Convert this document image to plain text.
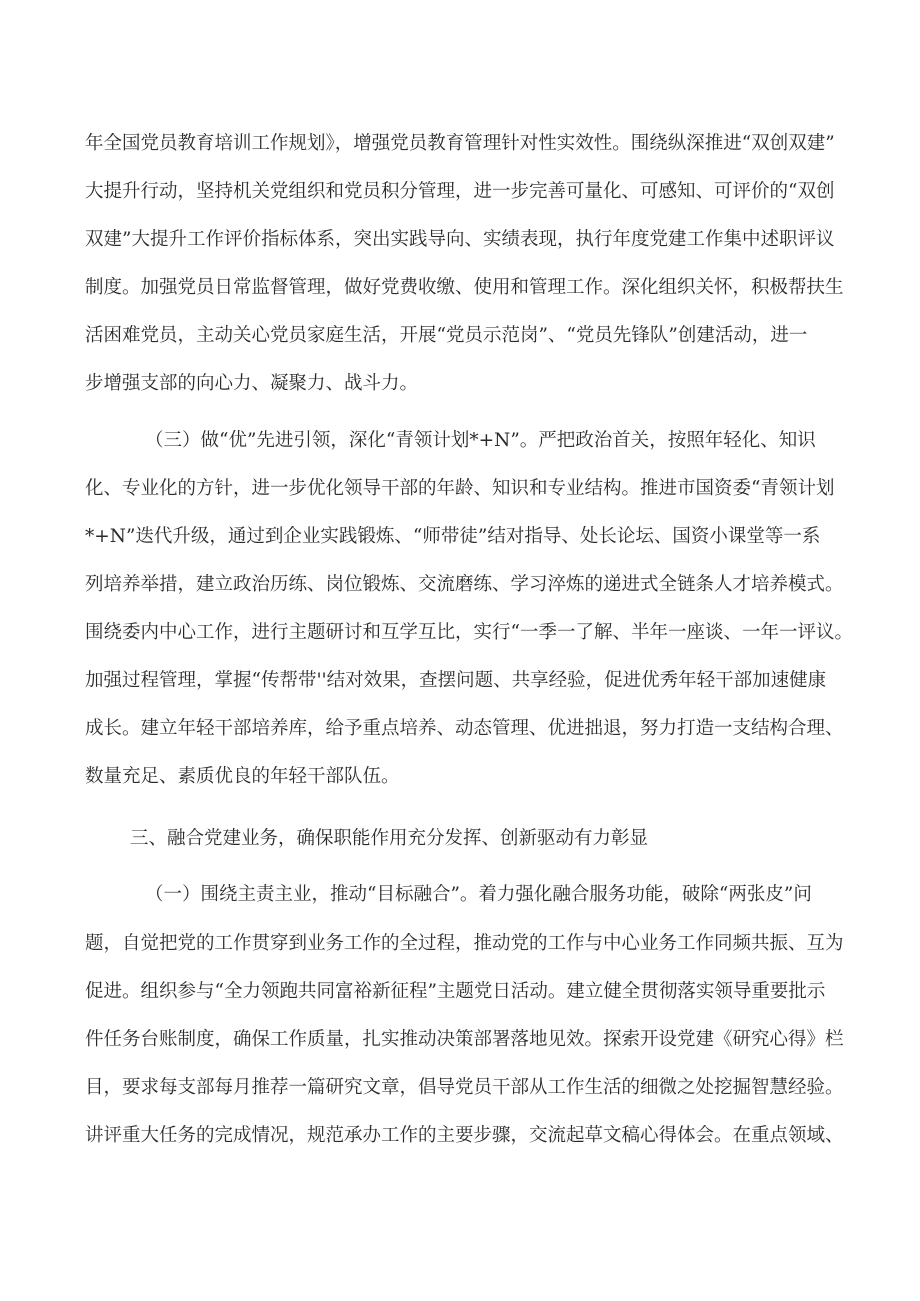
年全国党员教育培训工作规划》，增强党员教育管理针对性实效性。围绕纵深推进“双创双建”
大提升行动，坚持机关党组织和党员积分管理，进一步完善可量化、可感知、可评价的“双创
双建”大提升工作评价指标体系，突出实践导向、实绩表现，执行年度党建工作集中述职评议
制度。加强党员日常监督管理，做好党费收缴、使用和管理工作。深化组织关怀，积极帮扶生
活困难党员，主动关心党员家庭生活，开展“党员示范岗”、“党员先锋队”创建活动，进一
步增强支部的向心力、凝聚力、战斗力。
（三）做“优”先进引领，深化“青领计划*+N”。严把政治首关，按照年轻化、知识
化、专业化的方针，进一步优化领导干部的年龄、知识和专业结构。推进市国资委“青领计划
*+N”迭代升级，通过到企业实践锻炼、“师带徒”结对指导、处长论坛、国资小课堂等一系
列培养举措，建立政治历练、岗位锻炼、交流磨练、学习淬炼的递进式全链条人才培养模式。
围绕委内中心工作，进行主题研讨和互学互比，实行“一季一了解、半年一座谈、一年一评议。
加强过程管理，掌握“传帮带''结对效果，查摆问题、共享经验，促进优秀年轻干部加速健康
成长。建立年轻干部培养库，给予重点培养、动态管理、优进拙退，努力打造一支结构合理、
数量充足、素质优良的年轻干部队伍。
三、融合党建业务，确保职能作用充分发挥、创新驱动有力彰显
（一）围绕主责主业，推动“目标融合”。着力强化融合服务功能，破除“两张皮”问
题，自觉把党的工作贯穿到业务工作的全过程，推动党的工作与中心业务工作同频共振、互为
促进。组织参与“全力领跑共同富裕新征程”主题党日活动。建立健全贯彻落实领导重要批示
件任务台账制度，确保工作质量，扎实推动决策部署落地见效。探索开设党建《研究心得》栏
目，要求每支部每月推荐一篇研究文章，倡导党员干部从工作生活的细微之处挖掘智慧经验。
讲评重大任务的完成情况，规范承办工作的主要步骤，交流起草文稿心得体会。在重点领域、
